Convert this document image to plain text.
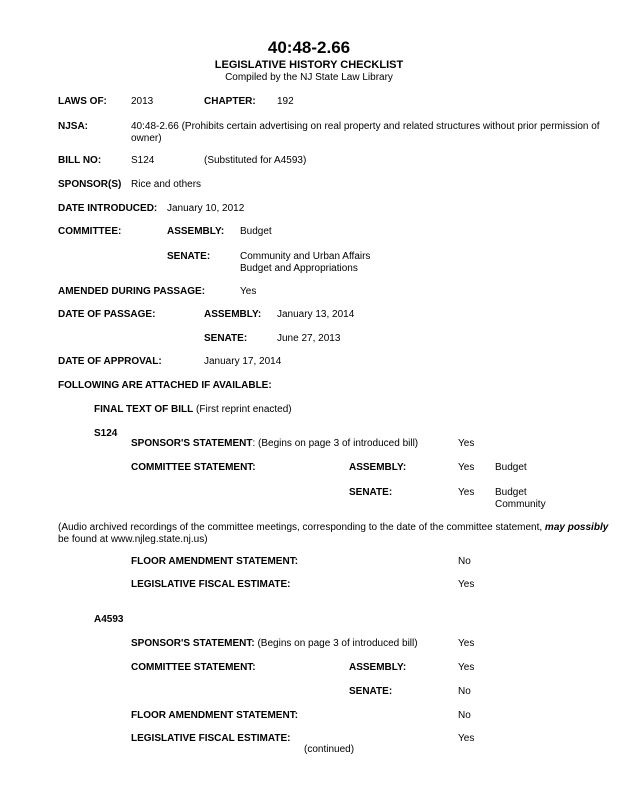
40:48-2.66
LEGISLATIVE HISTORY CHECKLIST
Compiled by the NJ State Law Library
LAWS OF: 2013	CHAPTER: 192
NJSA:	40:48-2.66 (Prohibits certain advertising on real property and related structures without prior permission of
owner)
BILL NO:	S124	(Substituted for A4593)
SPONSOR(S) Rice and others
DATE INTRODUCED: January 10, 2012
COMMITTEE:	ASSEMBLY: Budget
SENATE:	Community and Urban Affairs
Budget and Appropriations
AMENDED DURING PASSAGE:	Yes
DATE OF PASSAGE:	ASSEMBLY: January 13, 2014
SENATE:	June 27, 2013
DATE OF APPROVAL:	January 17, 2014
FOLLOWING ARE ATTACHED IF AVAILABLE:
FINAL TEXT OF BILL (First reprint enacted)
S124
SPONSOR'S STATEMENT: (Begins on page 3 of introduced bill)	Yes
COMMITTEE STATEMENT:	ASSEMBLY:	Yes Budget
SENATE:	Yes Budget
Community
(Audio archived recordings of the committee meetings, corresponding to the date of the committee statement, may possibly
be found at www.njleg.state.nj.us)
FLOOR AMENDMENT STATEMENT:	No
LEGISLATIVE FISCAL ESTIMATE:	Yes
A4593
SPONSOR'S STATEMENT: (Begins on page 3 of introduced bill)	Yes
COMMITTEE STATEMENT:	ASSEMBLY:	Yes
SENATE:	No
FLOOR AMENDMENT STATEMENT:	No
LEGISLATIVE FISCAL ESTIMATE:	Yes
(continued)
